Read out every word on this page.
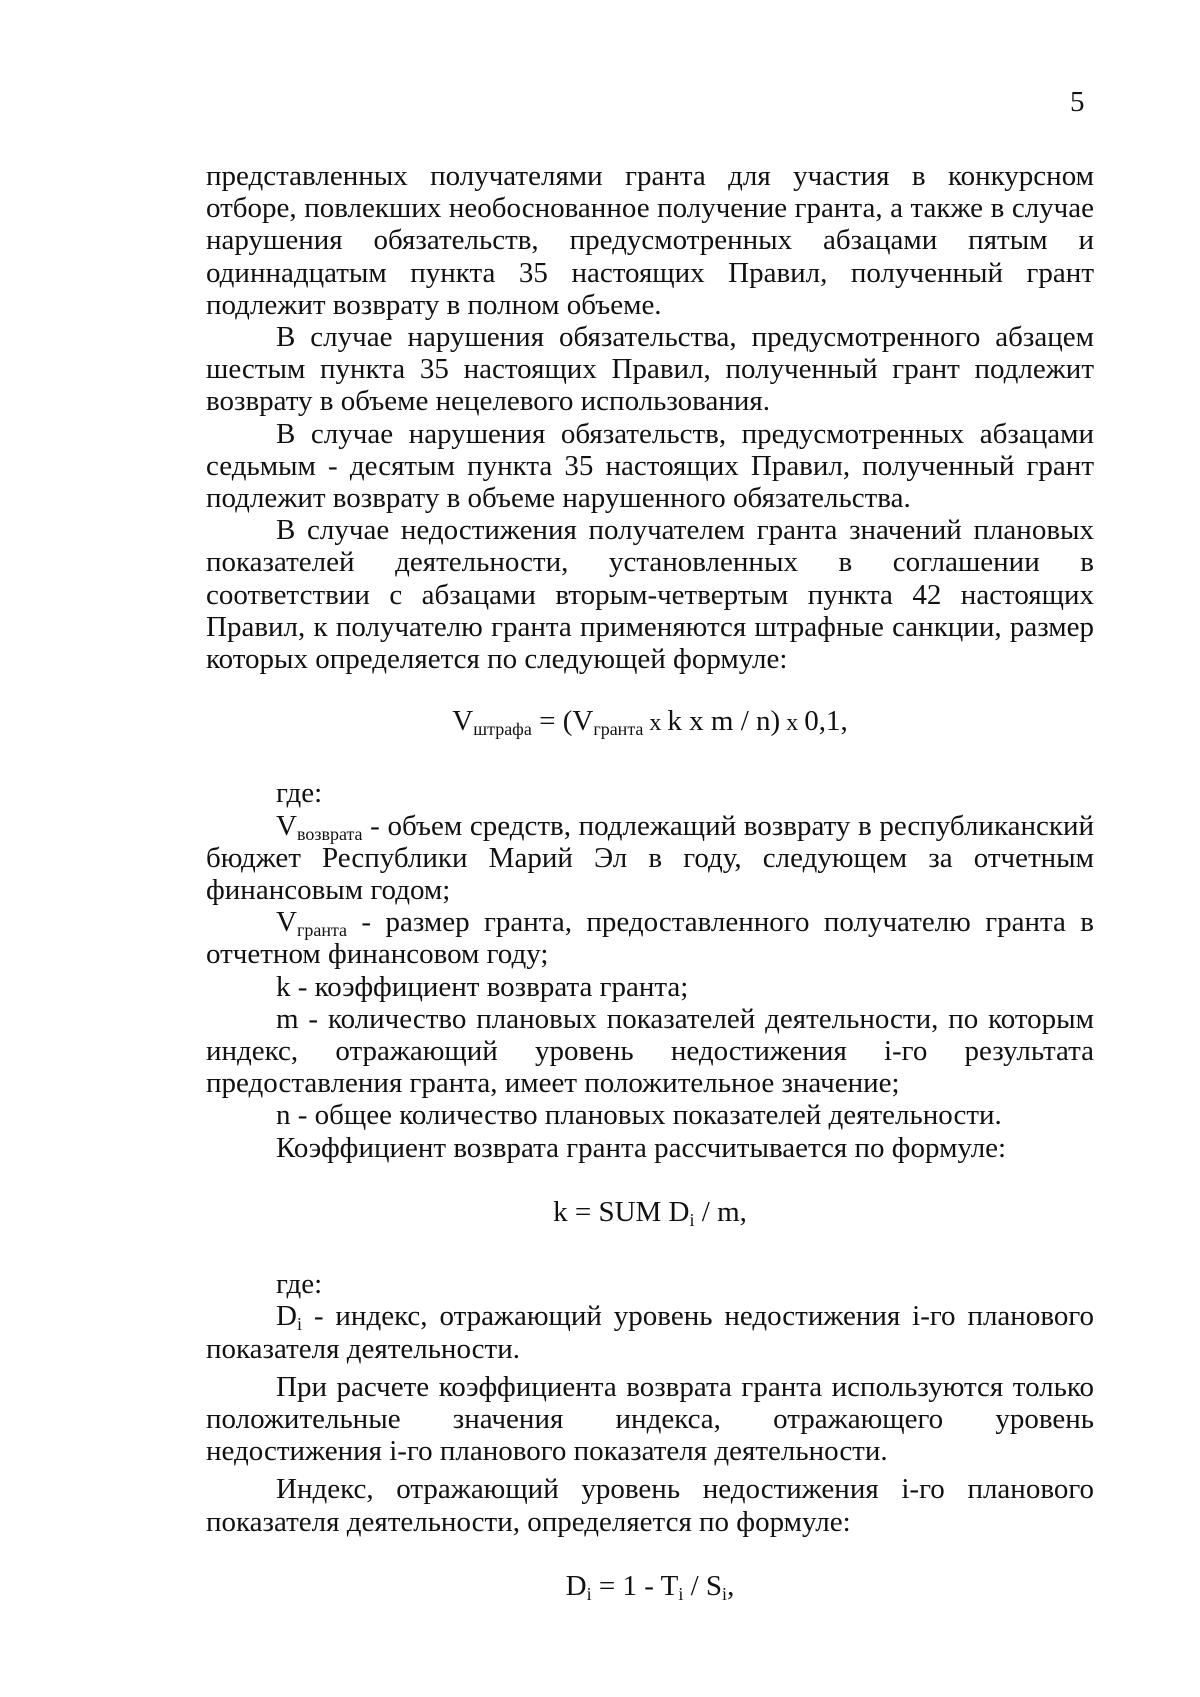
5

представленных получателями гранта для участия в конкурсном отборе, повлекших необоснованное получение гранта, а также в случае нарушения обязательств, предусмотренных абзацами пятым и одиннадцатым пункта 35 настоящих Правил, полученный грант подлежит возврату в полном объеме.

В случае нарушения обязательства, предусмотренного абзацем шестым пункта 35 настоящих Правил, полученный грант подлежит возврату в объеме нецелевого использования.

В случае нарушения обязательств, предусмотренных абзацами седьмым - десятым пункта 35 настоящих Правил, полученный грант подлежит возврату в объеме нарушенного обязательства.

В случае недостижения получателем гранта значений плановых показателей деятельности, установленных в соглашении в соответствии с абзацами вторым-четвертым пункта 42 настоящих Правил, к получателю гранта применяются штрафные санкции, размер которых определяется по следующей формуле:

$V_{штрафа} = (V_{гранта}$ x k x m / n) x 0,1,

где:

Vвозврата - объем средств, подлежащий возврату в республиканский бюджет Республики Марий Эл в году, следующем за отчетным финансовым годом;

Vгранта - размер гранта, предоставленного получателю гранта в отчетном финансовом году;

k - коэффициент возврата гранта;

m - количество плановых показателей деятельности, по которым индекс, отражающий уровень недостижения i-го результата предоставления гранта, имеет положительное значение;

n - общее количество плановых показателей деятельности.

Коэффициент возврата гранта рассчитывается по формуле:

k = SUM $D_i$ / m,

где:

Di - индекс, отражающий уровень недостижения i-го планового показателя деятельности.

При расчете коэффициента возврата гранта используются только положительные значения индекса, отражающего уровень недостижения i-го планового показателя деятельности.

Индекс, отражающий уровень недостижения i-го планового показателя деятельности, определяется по формуле:

$D_i = 1 - T_i / S_i$,
